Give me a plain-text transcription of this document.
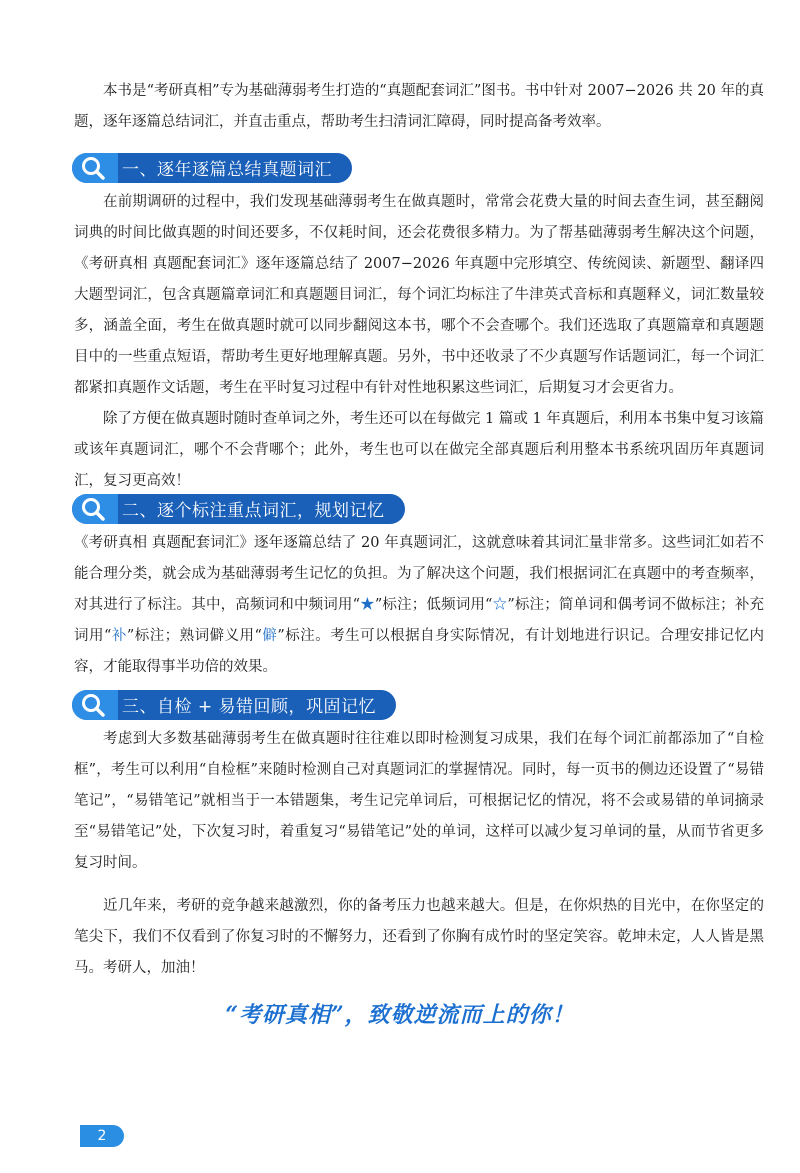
本书是“考研真相”专为基础薄弱考生打造的“真题配套词汇”图书。书中针对 2007−2026 共 20 年的真题，逐年逐篇总结词汇，并直击重点，帮助考生扫清词汇障碍，同时提高备考效率。

一、逐年逐篇总结真题词汇

在前期调研的过程中，我们发现基础薄弱考生在做真题时，常常会花费大量的时间去查生词，甚至翻阅词典的时间比做真题的时间还要多，不仅耗时间，还会花费很多精力。为了帮基础薄弱考生解决这个问题，《考研真相 真题配套词汇》逐年逐篇总结了 2007−2026 年真题中完形填空、传统阅读、新题型、翻译四大题型词汇，包含真题篇章词汇和真题题目词汇，每个词汇均标注了牛津英式音标和真题释义，词汇数量较多，涵盖全面，考生在做真题时就可以同步翻阅这本书，哪个不会查哪个。我们还选取了真题篇章和真题题目中的一些重点短语，帮助考生更好地理解真题。另外，书中还收录了不少真题写作话题词汇，每一个词汇都紧扣真题作文话题，考生在平时复习过程中有针对性地积累这些词汇，后期复习才会更省力。

除了方便在做真题时随时查单词之外，考生还可以在每做完 1 篇或 1 年真题后，利用本书集中复习该篇或该年真题词汇，哪个不会背哪个；此外，考生也可以在做完全部真题后利用整本书系统巩固历年真题词汇，复习更高效！

二、逐个标注重点词汇，规划记忆

《考研真相 真题配套词汇》逐年逐篇总结了 20 年真题词汇，这就意味着其词汇量非常多。这些词汇如若不能合理分类，就会成为基础薄弱考生记忆的负担。为了解决这个问题，我们根据词汇在真题中的考查频率，对其进行了标注。其中，高频词和中频词用“★”标注；低频词用“☆”标注；简单词和偶考词不做标注；补充词用“补”标注；熟词僻义用“僻”标注。考生可以根据自身实际情况，有计划地进行识记。合理安排记忆内容，才能取得事半功倍的效果。

三、自检 + 易错回顾，巩固记忆

考虑到大多数基础薄弱考生在做真题时往往难以即时检测复习成果，我们在每个词汇前都添加了“自检框”，考生可以利用“自检框”来随时检测自己对真题词汇的掌握情况。同时，每一页书的侧边还设置了“易错笔记”，“易错笔记”就相当于一本错题集，考生记完单词后，可根据记忆的情况，将不会或易错的单词摘录至“易错笔记”处，下次复习时，着重复习“易错笔记”处的单词，这样可以减少复习单词的量，从而节省更多复习时间。

近几年来，考研的竞争越来越激烈，你的备考压力也越来越大。但是，在你炽热的目光中，在你坚定的笔尖下，我们不仅看到了你复习时的不懈努力，还看到了你胸有成竹时的坚定笑容。乾坤未定，人人皆是黑马。考研人，加油！

“考研真相”，致敬逆流而上的你！
2
